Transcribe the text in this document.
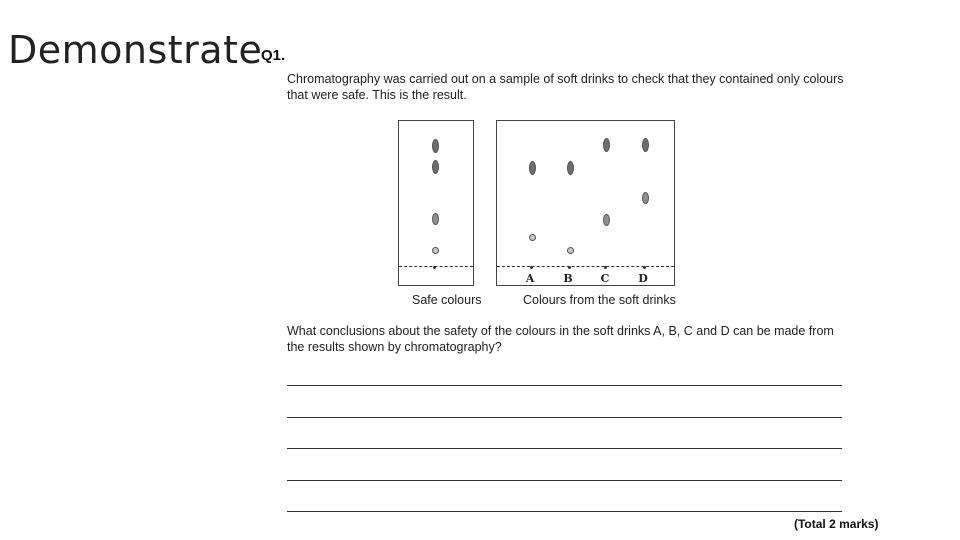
Demonstrate
Q1.

Chromatography was carried out on a sample of soft drinks to check that they contained only colours that were safe. This is the result.

A	B	C	D
Safe colours	Colours from the soft drinks

What conclusions about the safety of the colours in the soft drinks A, B, C and D can be made from the results shown by chromatography?

(Total 2 marks)
